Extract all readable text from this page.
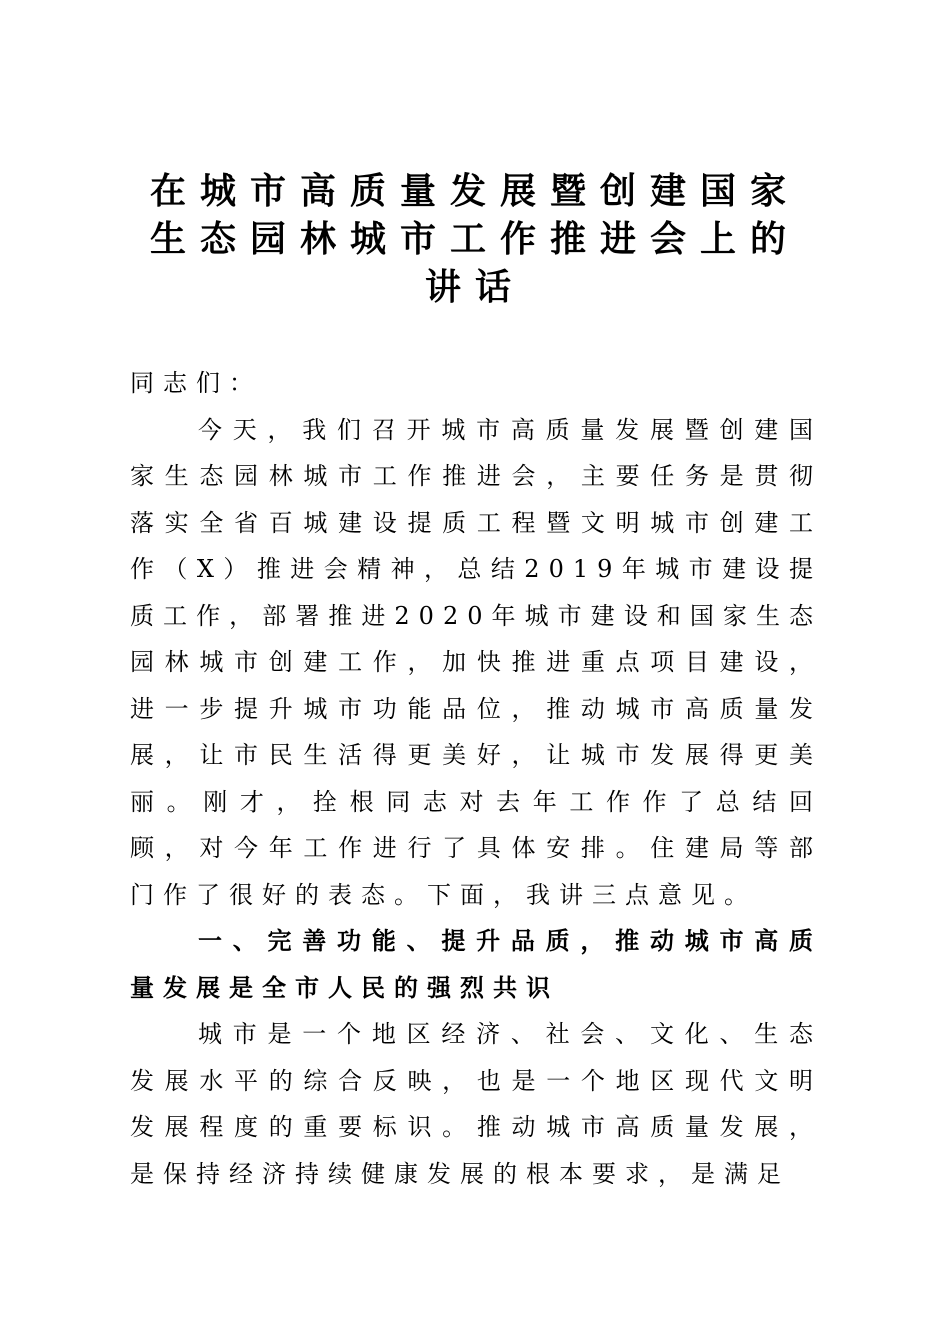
在城市高质量发展暨创建国家
生态园林城市工作推进会上的
讲话

同志们：

今天，我们召开城市高质量发展暨创建国家生态园林城市工作推进会，主要任务是贯彻落实全省百城建设提质工程暨文明城市创建工作（X）推进会精神，总结2019年城市建设提质工作，部署推进2020年城市建设和国家生态园林城市创建工作，加快推进重点项目建设，进一步提升城市功能品位，推动城市高质量发展，让市民生活得更美好，让城市发展得更美丽。刚才，拴根同志对去年工作作了总结回顾，对今年工作进行了具体安排。住建局等部门作了很好的表态。下面，我讲三点意见。

一、完善功能、提升品质，推动城市高质量发展是全市人民的强烈共识

城市是一个地区经济、社会、文化、生态发展水平的综合反映，也是一个地区现代文明发展程度的重要标识。推动城市高质量发展，是保持经济持续健康发展的根本要求，是满足
